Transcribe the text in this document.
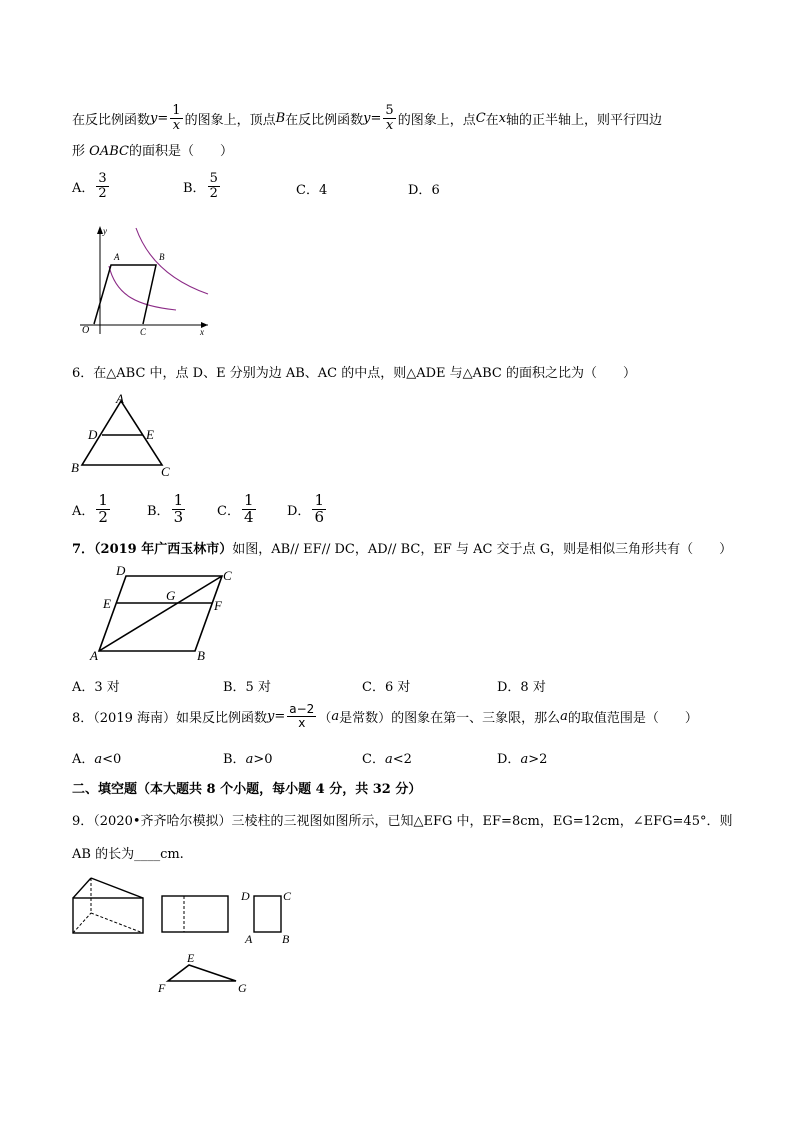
在反比例函数 $y = \frac{1}{x}$ 的图象上，顶点 B 在反比例函数 $y = \frac{5}{x}$ 的图象上，点 C 在 x 轴的正半轴上，则平行四边
形 OABC的面积是（　　）
A． $\frac{3}{2}$	B． $\frac{5}{2}$	C．4	D．6
y
A	B
O	C	x
6．在△ABC 中，点 D、E 分别为边 AB、AC 的中点，则△ADE 与△ABC 的面积之比为（　　）
A
D	E
B	C
A． $\frac{1}{2}$	B． $\frac{1}{3}$ C． $\frac{1}{4}$ D． $\frac{1}{6}$
7．（2019 年广西玉林市）如图，AB// EF// DC，AD// BC，EF 与 AC 交于点 G，则是相似三角形共有（　　）
D	C
E
G
F
A	B
A．3 对	B．5 对	C．6 对	D．8 对
8．（2019 海南）如果反比例函数 $y = \frac{a-2}{x}$ （ a 是常数）的图象在第一、三象限，那么 a 的取值范围是（　　）
A．a<0	B．a>0	C．a<2	D．a>2
二、填空题（本大题共 8 个小题，每小题 4 分，共 32 分）
9．（2020•齐齐哈尔模拟）三棱柱的三视图如图所示，已知△EFG 中，EF=8cm，EG=12cm，∠EFG=45°．则
AB 的长为____cm.
D	C
A B
E
F	G
